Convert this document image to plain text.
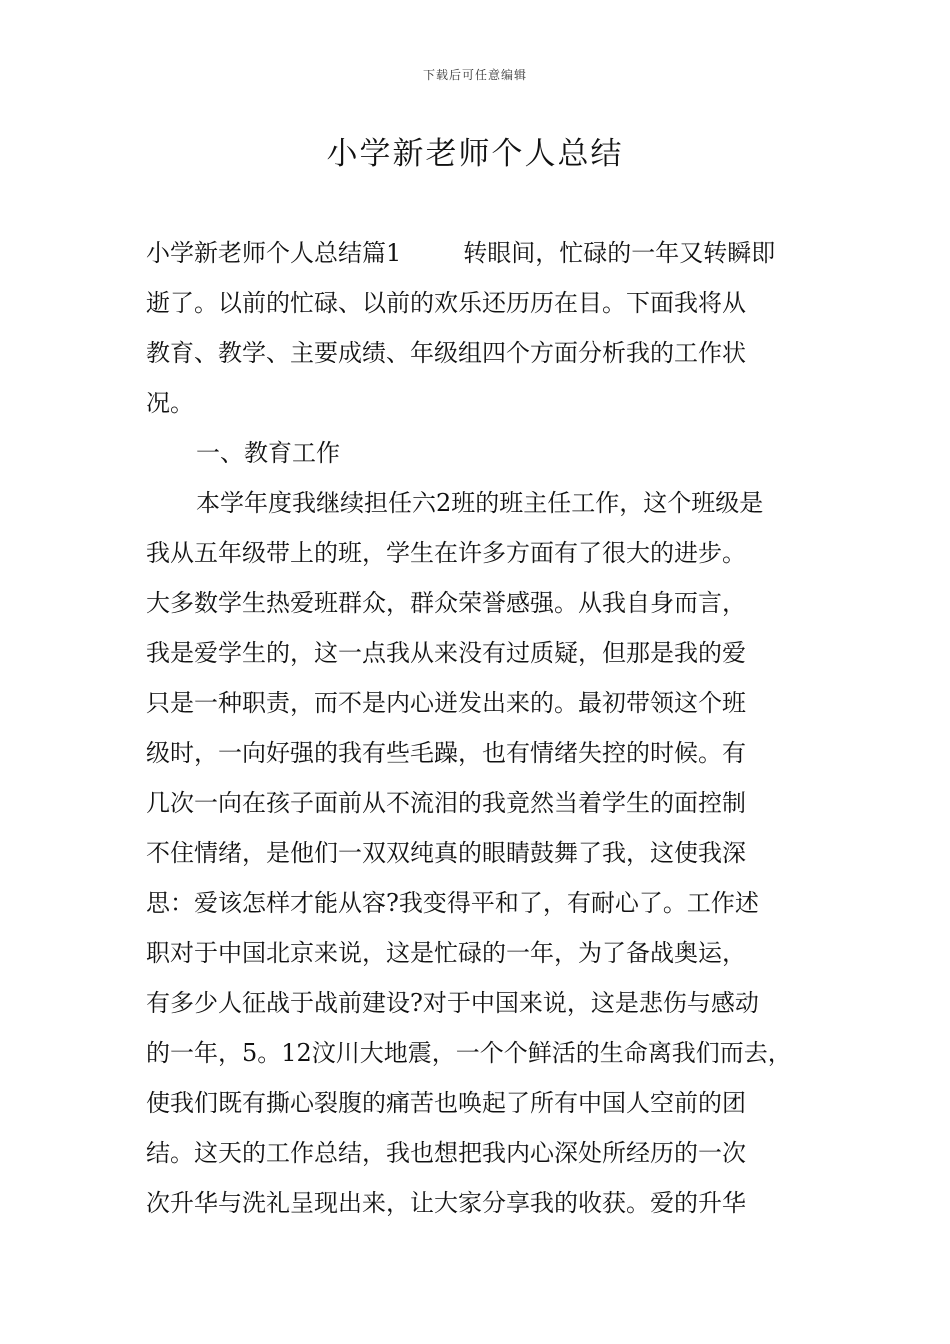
下载后可任意编辑
小学新老师个人总结
小学新老师个人总结篇1	转眼间，忙碌的一年又转瞬即
逝了。以前的忙碌、以前的欢乐还历历在目。下面我将从
教育、教学、主要成绩、年级组四个方面分析我的工作状
况。
一、教育工作
本学年度我继续担任六2班的班主任工作，这个班级是
我从五年级带上的班，学生在许多方面有了很大的进步。
大多数学生热爱班群众，群众荣誉感强。从我自身而言，
我是爱学生的，这一点我从来没有过质疑，但那是我的爱
只是一种职责，而不是内心迸发出来的。最初带领这个班
级时，一向好强的我有些毛躁，也有情绪失控的时候。有
几次一向在孩子面前从不流泪的我竟然当着学生的面控制
不住情绪，是他们一双双纯真的眼睛鼓舞了我，这使我深
思：爱该怎样才能从容?我变得平和了，有耐心了。工作述
职对于中国北京来说，这是忙碌的一年，为了备战奥运，
有多少人征战于战前建设?对于中国来说，这是悲伤与感动
的一年，5。12汶川大地震，一个个鲜活的生命离我们而去，
使我们既有撕心裂腹的痛苦也唤起了所有中国人空前的团
结。这天的工作总结，我也想把我内心深处所经历的一次
次升华与洗礼呈现出来，让大家分享我的收获。爱的升华
